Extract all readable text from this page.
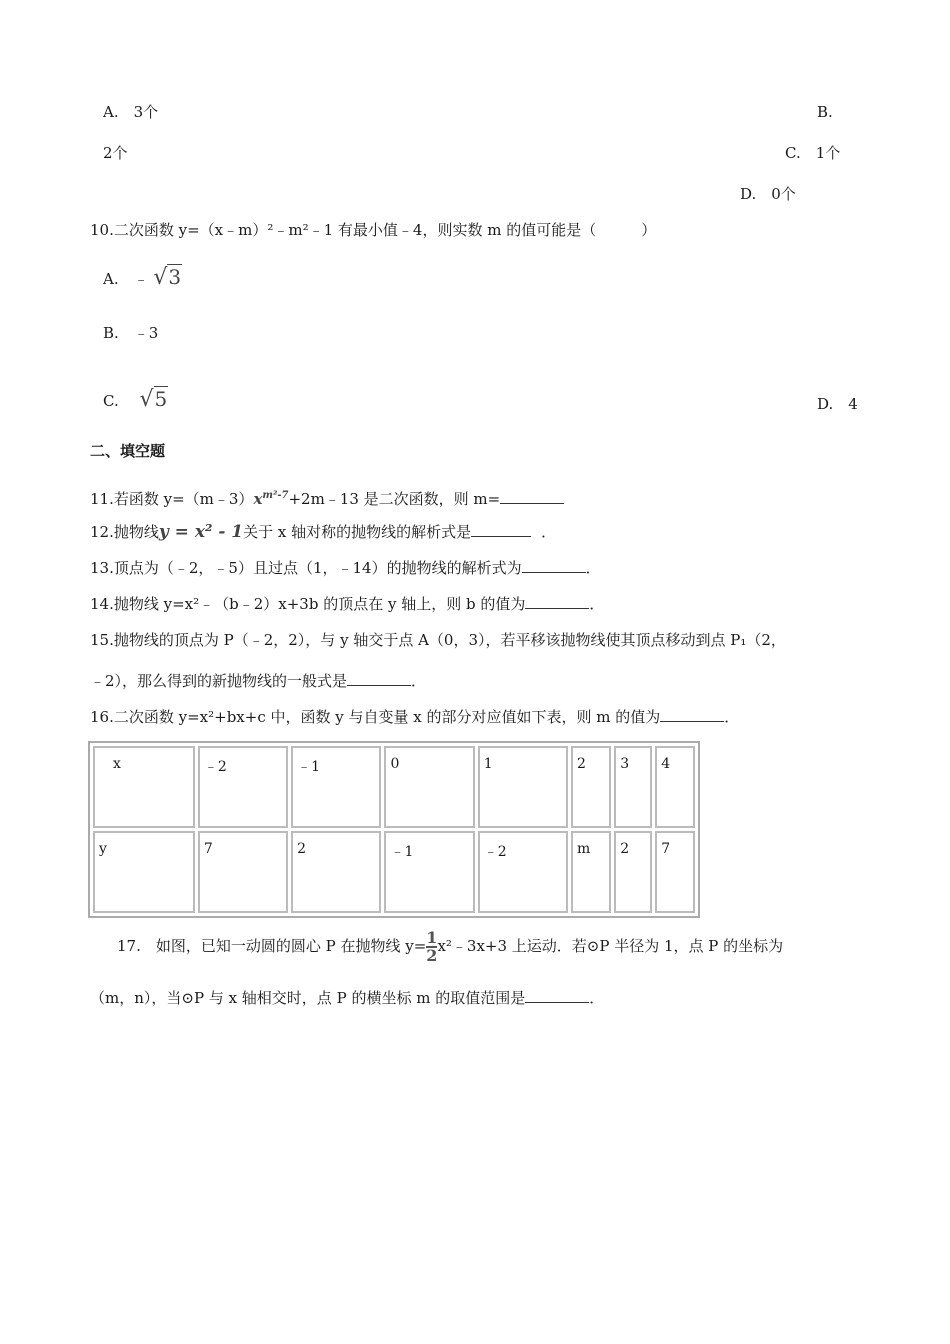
A.　3个	B.
2个	C.　1个
D.　0个
10.二次函数 y=（x﹣m）²﹣m²﹣1 有最小值﹣4，则实数 m 的值可能是（　　　）
A.　﹣ √3
B.　﹣3
C. √5	D.　4
二、填空题
11.若函数 $y=(m﹣3)x^{m^2-7}+2m﹣13$ 是二次函数，则 m=
12.抛物线y = x² - 1关于 x 轴对称的抛物线的解析式是	．
13.顶点为（﹣2，﹣5）且过点（1，﹣14）的抛物线的解析式为	．
14.抛物线 y=x²﹣（b﹣2）x+3b 的顶点在 y 轴上，则 b 的值为	．
15.抛物线的顶点为 P（﹣2，2），与 y 轴交于点 A（0，3），若平移该抛物线使其顶点移动到点 P₁（2，
﹣2），那么得到的新抛物线的一般式是	．
16.二次函数 y=x²+bx+c 中，函数 y 与自变量 x 的部分对应值如下表，则 m 的值为	．
x	﹣2	﹣1	0	1	2	3	4
y	7	2	﹣1	﹣2	m	2	7
17.　如图，已知一动圆的圆心 P 在抛物线 $y= \frac{1}{2}$ x²﹣3x+3 上运动．若⊙P 半径为 1，点 P 的坐标为
（m，n），当⊙P 与 x 轴相交时，点 P 的横坐标 m 的取值范围是	．
